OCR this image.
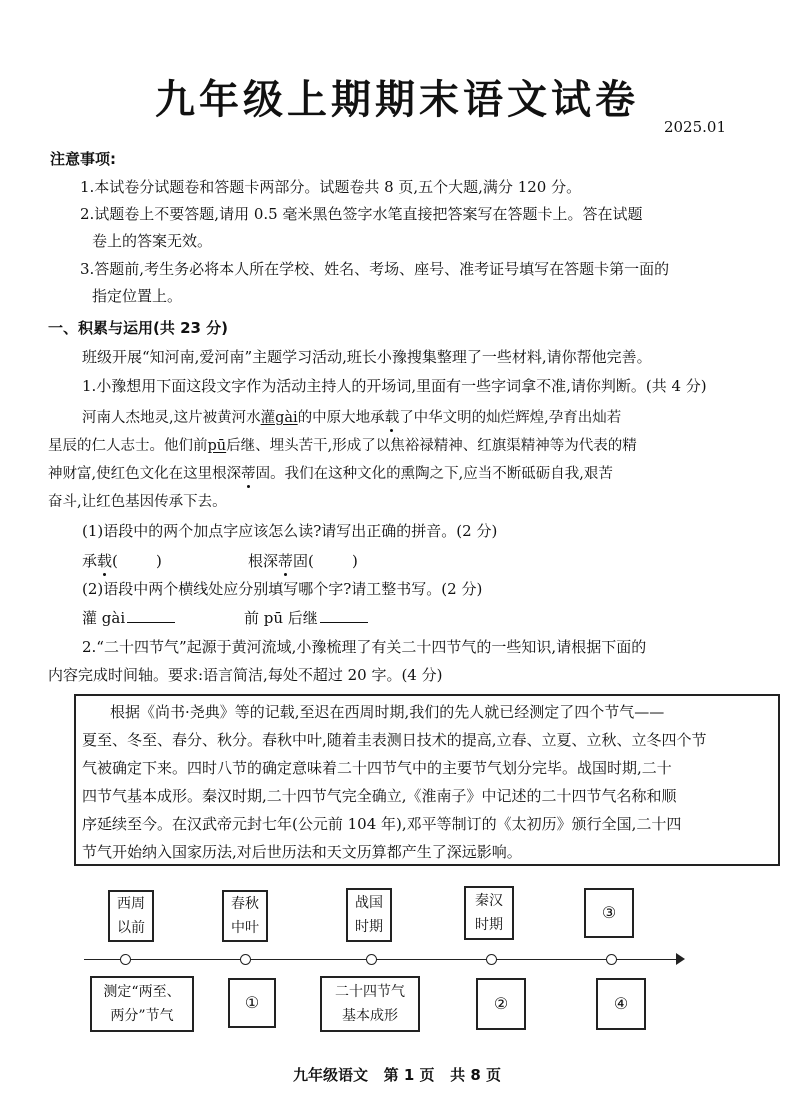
九年级上期期末语文试卷
2025.01
注意事项:
1.本试卷分试题卷和答题卡两部分。试题卷共 8 页,五个大题,满分 120 分。
2.试题卷上不要答题,请用 0.5 毫米黑色签字水笔直接把答案写在答题卡上。答在试题
卷上的答案无效。
3.答题前,考生务必将本人所在学校、姓名、考场、座号、准考证号填写在答题卡第一面的
指定位置上。
一、积累与运用(共 23 分)
班级开展“知河南,爱河南”主题学习活动,班长小豫搜集整理了一些材料,请你帮他完善。
1.小豫想用下面这段文字作为活动主持人的开场词,里面有一些字词拿不准,请你判断。(共 4 分)
河南人杰地灵,这片被黄河水灌gài的中原大地承载了中华文明的灿烂辉煌,孕育出灿若
星辰的仁人志士。他们前pū后继、埋头苦干,形成了以焦裕禄精神、红旗渠精神等为代表的精
神财富,使红色文化在这里根深蒂固。我们在这种文化的熏陶之下,应当不断砥砺自我,艰苦
奋斗,让红色基因传承下去。
(1)语段中的两个加点字应该怎么读?请写出正确的拼音。(2 分)
承载(        )	根深蒂固(        )
(2)语段中两个横线处应分别填写哪个字?请工整书写。(2 分)
灌 gài	前 pū 后继
2.“二十四节气”起源于黄河流域,小豫梳理了有关二十四节气的一些知识,请根据下面的
内容完成时间轴。要求:语言简洁,每处不超过 20 字。(4 分)
根据《尚书·尧典》等的记载,至迟在西周时期,我们的先人就已经测定了四个节气——
夏至、冬至、春分、秋分。春秋中叶,随着圭表测日技术的提高,立春、立夏、立秋、立冬四个节
气被确定下来。四时八节的确定意味着二十四节气中的主要节气划分完毕。战国时期,二十
四节气基本成形。秦汉时期,二十四节气完全确立,《淮南子》中记述的二十四节气名称和顺
序延续至今。在汉武帝元封七年(公元前 104 年),邓平等制订的《太初历》颁行全国,二十四
节气开始纳入国家历法,对后世历法和天文历算都产生了深远影响。
西周
以前
春秋
中叶
战国
时期
秦汉
时期
③
测定“两至、
两分”节气
①
二十四节气
基本成形
②	④
九年级语文   第 1 页   共 8 页
